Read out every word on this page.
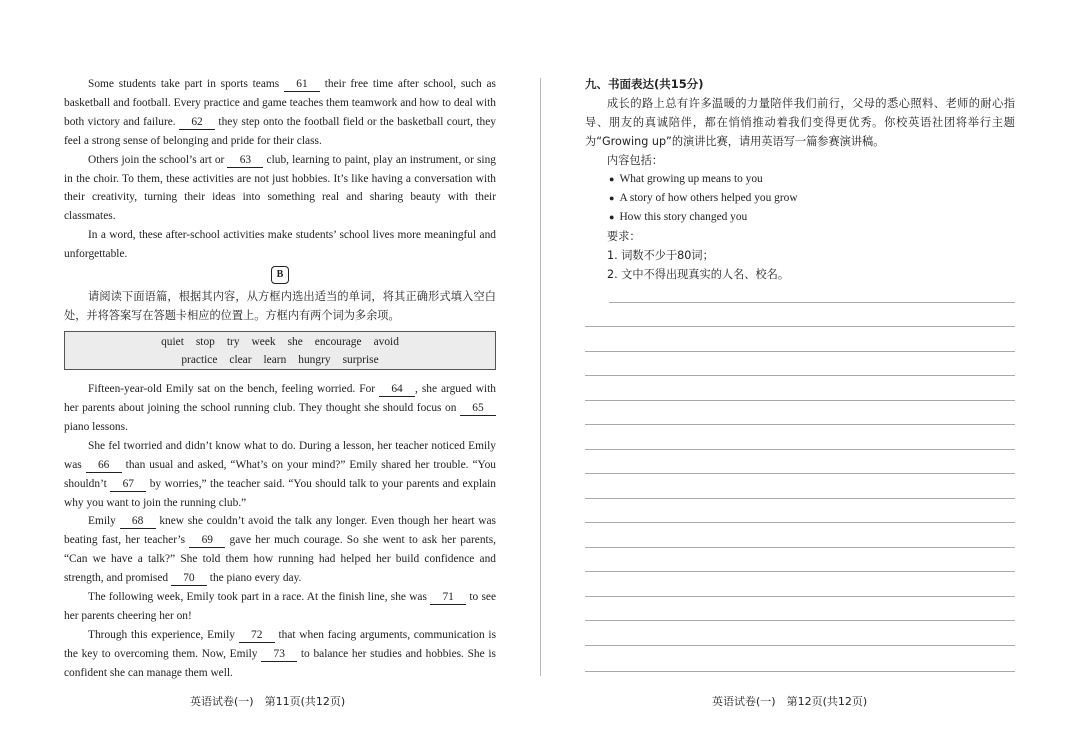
Some students take part in sports teams 61 their free time after school, such as basketball and football. Every practice and game teaches them teamwork and how to deal with both victory and failure. 62 they step onto the football field or the basketball court, they feel a strong sense of belonging and pride for their class.

Others join the school’s art or 63 club, learning to paint, play an instrument, or sing in the choir. To them, these activities are not just hobbies. It’s like having a conversation with their creativity, turning their ideas into something real and sharing beauty with their classmates.

In a word, these after-school activities make students’ school lives more meaningful and unforgettable.

B

请阅读下面语篇，根据其内容，从方框内选出适当的单词，将其正确形式填入空白处，并将答案写在答题卡相应的位置上。方框内有两个词为多余项。

quiet stop try week she encourage avoid
practice clear learn hungry surprise

Fifteen-year-old Emily sat on the bench, feeling worried. For 64 , she argued with her parents about joining the school running club. They thought she should focus on 65 piano lessons.

She fel tworried and didn’t know what to do. During a lesson, her teacher noticed Emily was 66 than usual and asked, “What’s on your mind?” Emily shared her trouble. “You shouldn’t 67 by worries,” the teacher said. “You should talk to your parents and explain why you want to join the running club.”

Emily 68 knew she couldn’t avoid the talk any longer. Even though her heart was beating fast, her teacher’s 69 gave her much courage. So she went to ask her parents, “Can we have a talk?” She told them how running had helped her build confidence and strength, and promised 70 the piano every day.

The following week, Emily took part in a race. At the finish line, she was 71 to see her parents cheering her on!

Through this experience, Emily 72 that when facing arguments, communication is the key to overcoming them. Now, Emily 73 to balance her studies and hobbies. She is confident she can manage them well.

九、书面表达(共15分)

成长的路上总有许多温暖的力量陪伴我们前行，父母的悉心照料、老师的耐心指导、朋友的真诚陪伴，都在悄悄推动着我们变得更优秀。你校英语社团将举行主题为“Growing up”的演讲比赛，请用英语写一篇参赛演讲稿。

内容包括：

● What growing up means to you

● A story of how others helped you grow

● How this story changed you

要求：

1. 词数不少于80词；

2. 文中不得出现真实的人名、校名。

英语试卷(一)　第11页(共12页)	英语试卷(一)　第12页(共12页)
